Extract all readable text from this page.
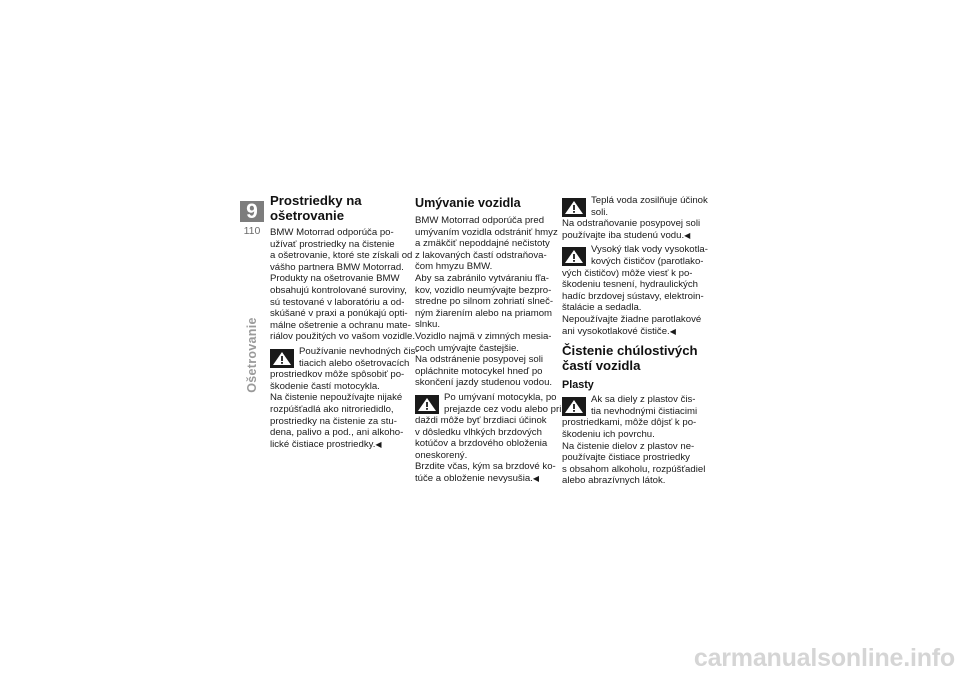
9
110
Ošetrovanie
Prostriedky na
ošetrovanie

BMW Motorrad odporúča po-
užívať prostriedky na čistenie
a ošetrovanie, ktoré ste získali od
vášho partnera BMW Motorrad.
Produkty na ošetrovanie BMW
obsahujú kontrolované suroviny,
sú testované v laboratóriu a od-
skúšané v praxi a ponúkajú opti-
málne ošetrenie a ochranu mate-
riálov použitých vo vašom vozidle.

Používanie nevhodných čis-
tiacich alebo ošetrovacích
prostriedkov môže spôsobiť po-
škodenie častí motocykla.
Na čistenie nepoužívajte nijaké
rozpúšťadlá ako nitroriedidlo,
prostriedky na čistenie za stu-
dena, palivo a pod., ani alkoho-
lické čistiace prostriedky.◀
Umývanie vozidla

BMW Motorrad odporúča pred
umývaním vozidla odstrániť hmyz
a zmäkčiť nepoddajné nečistoty
z lakovaných častí odstraňova-
čom hmyzu BMW.
Aby sa zabránilo vytváraniu fľa-
kov, vozidlo neumývajte bezpro-
stredne po silnom zohriatí slneč-
ným žiarením alebo na priamom
slnku.
Vozidlo najmä v zimných mesia-
coch umývajte častejšie.
Na odstránenie posypovej soli
opláchnite motocykel hneď po
skončení jazdy studenou vodou.

Po umývaní motocykla, po
prejazde cez vodu alebo pri
daždi môže byť brzdiaci účinok
v dôsledku vlhkých brzdových
kotúčov a brzdového obloženia
oneskorený.
Brzdite včas, kým sa brzdové ko-
túče a obloženie nevysušia.◀
Teplá voda zosilňuje účinok
soli.
Na odstraňovanie posypovej soli
používajte iba studenú vodu.◀
Vysoký tlak vody vysokotla-
kových čističov (parotlako-
vých čističov) môže viesť k po-
škodeniu tesnení, hydraulických
hadíc brzdovej sústavy, elektroin-
štalácie a sedadla.
Nepoužívajte žiadne parotlakové
ani vysokotlakové čističe.◀
Čistenie chúlostivých
častí vozidla
Plasty
Ak sa diely z plastov čis-
tia nevhodnými čistiacimi
prostriedkami, môže dôjsť k po-
škodeniu ich povrchu.
Na čistenie dielov z plastov ne-
používajte čistiace prostriedky
s obsahom alkoholu, rozpúšťadiel
alebo abrazívnych látok.
carmanualsonline.info
